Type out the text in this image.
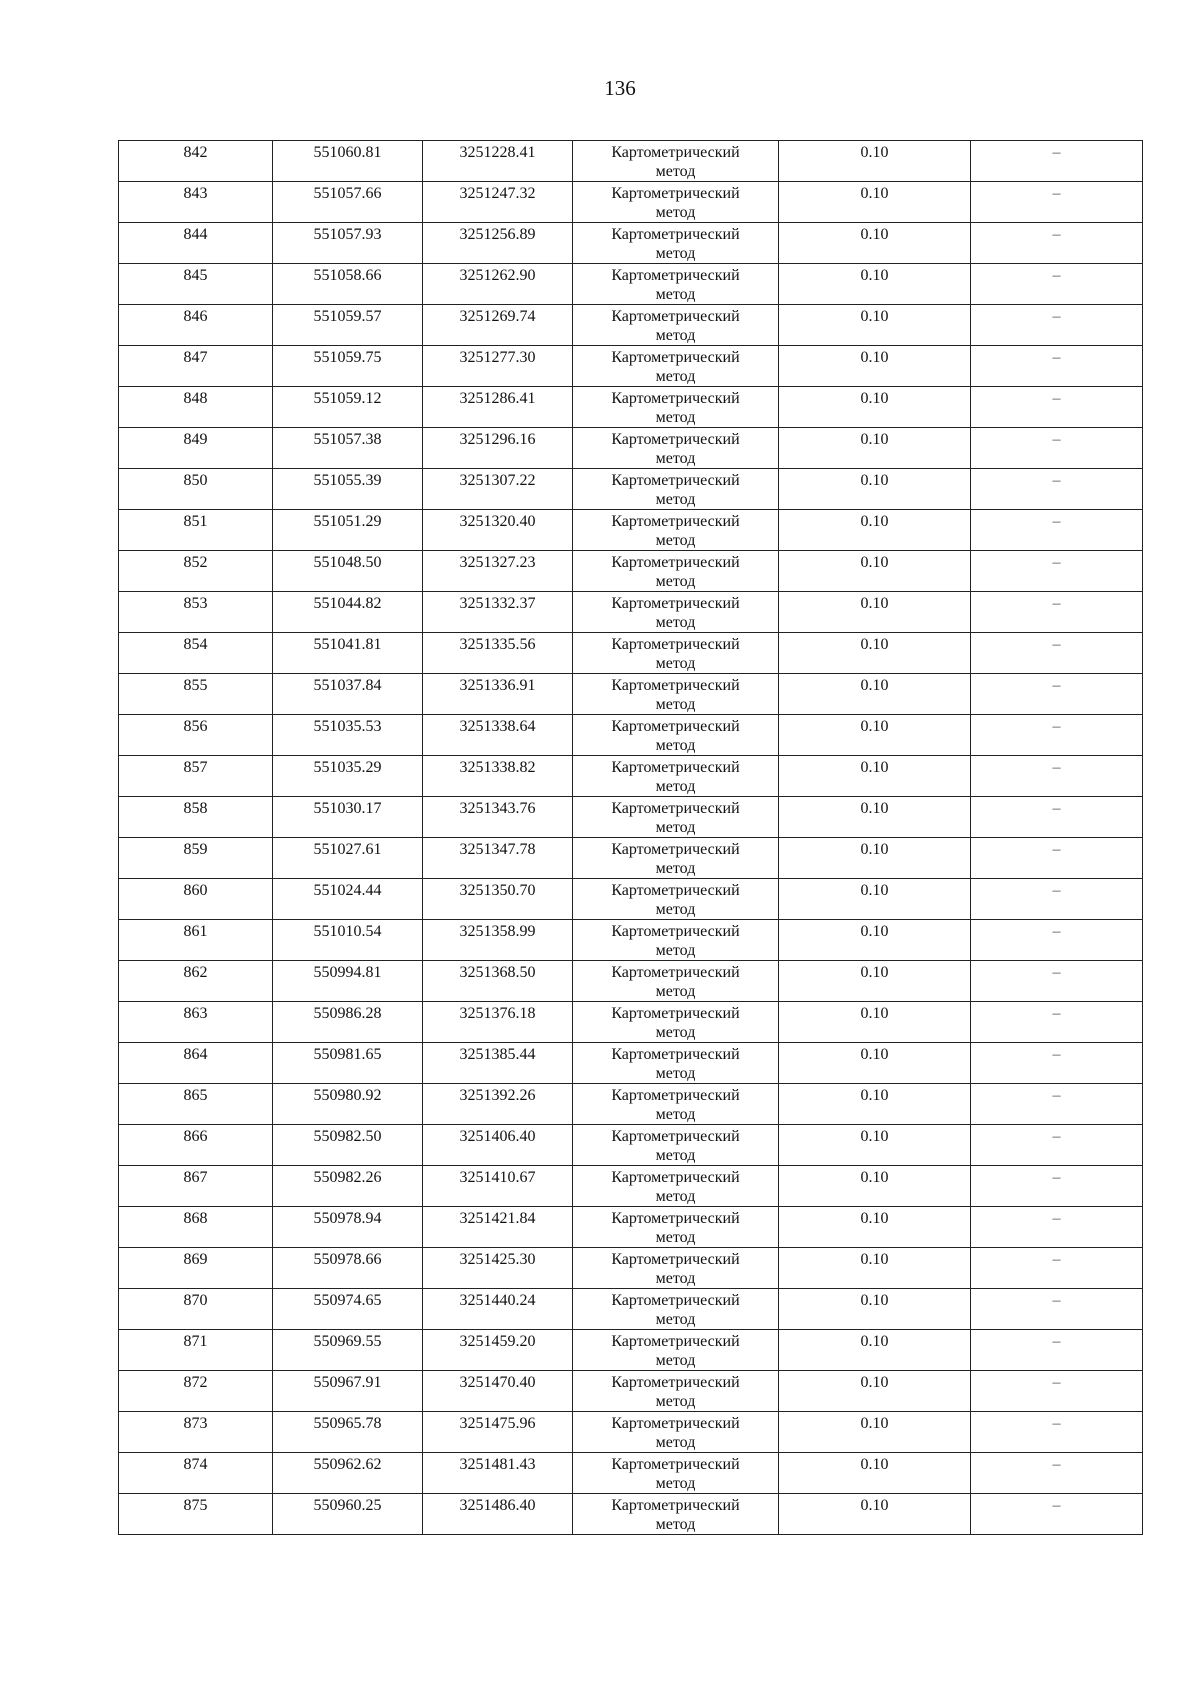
136
842	551060.81	3251228.41	Картометрический
метод	0.10	–

843	551057.66	3251247.32	Картометрический
метод	0.10	–

844	551057.93	3251256.89	Картометрический
метод	0.10	–

845	551058.66	3251262.90	Картометрический
метод	0.10	–

846	551059.57	3251269.74	Картометрический
метод	0.10	–

847	551059.75	3251277.30	Картометрический
метод	0.10	–

848	551059.12	3251286.41	Картометрический
метод	0.10	–

849	551057.38	3251296.16	Картометрический
метод	0.10	–

850	551055.39	3251307.22	Картометрический
метод	0.10	–

851	551051.29	3251320.40	Картометрический
метод	0.10	–

852	551048.50	3251327.23	Картометрический
метод	0.10	–

853	551044.82	3251332.37	Картометрический
метод	0.10	–

854	551041.81	3251335.56	Картометрический
метод	0.10	–

855	551037.84	3251336.91	Картометрический
метод	0.10	–

856	551035.53	3251338.64	Картометрический
метод	0.10	–

857	551035.29	3251338.82	Картометрический
метод	0.10	–

858	551030.17	3251343.76	Картометрический
метод	0.10	–

859	551027.61	3251347.78	Картометрический
метод	0.10	–

860	551024.44	3251350.70	Картометрический
метод	0.10	–

861	551010.54	3251358.99	Картометрический
метод	0.10	–

862	550994.81	3251368.50	Картометрический
метод	0.10	–

863	550986.28	3251376.18	Картометрический
метод	0.10	–

864	550981.65	3251385.44	Картометрический
метод	0.10	–

865	550980.92	3251392.26	Картометрический
метод	0.10	–

866	550982.50	3251406.40	Картометрический
метод	0.10	–

867	550982.26	3251410.67	Картометрический
метод	0.10	–

868	550978.94	3251421.84	Картометрический
метод	0.10	–

869	550978.66	3251425.30	Картометрический
метод	0.10	–

870	550974.65	3251440.24	Картометрический
метод	0.10	–

871	550969.55	3251459.20	Картометрический
метод	0.10	–

872	550967.91	3251470.40	Картометрический
метод	0.10	–

873	550965.78	3251475.96	Картометрический
метод	0.10	–

874	550962.62	3251481.43	Картометрический
метод	0.10	–

875	550960.25	3251486.40	Картометрический
метод	0.10	–
